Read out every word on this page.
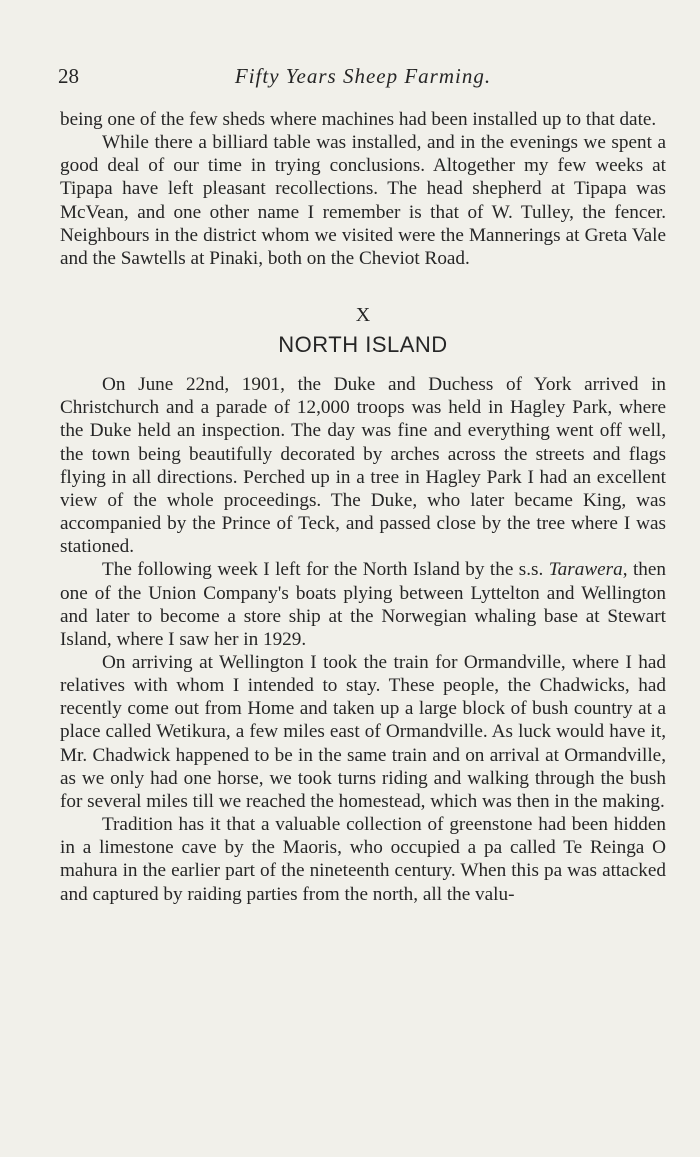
28	Fifty Years Sheep Farming.

being one of the few sheds where machines had been installed up to that date.

While there a billiard table was installed, and in the evenings we spent a good deal of our time in trying conclusions. Altogether my few weeks at Tipapa have left pleasant recollections. The head shepherd at Tipapa was McVean, and one other name I remember is that of W. Tulley, the fencer. Neighbours in the district whom we visited were the Mannerings at Greta Vale and the Sawtells at Pinaki, both on the Cheviot Road.

X
NORTH ISLAND

On June 22nd, 1901, the Duke and Duchess of York arrived in Christchurch and a parade of 12,000 troops was held in Hagley Park, where the Duke held an inspection. The day was fine and everything went off well, the town being beautifully decorated by arches across the streets and flags flying in all directions. Perched up in a tree in Hagley Park I had an excellent view of the whole proceedings. The Duke, who later became King, was accompanied by the Prince of Teck, and passed close by the tree where I was stationed.

The following week I left for the North Island by the s.s. Tarawera, then one of the Union Company's boats plying between Lyttelton and Wellington and later to become a store ship at the Norwegian whaling base at Stewart Island, where I saw her in 1929.

On arriving at Wellington I took the train for Ormandville, where I had relatives with whom I intended to stay. These people, the Chadwicks, had recently come out from Home and taken up a large block of bush country at a place called Wetikura, a few miles east of Ormandville. As luck would have it, Mr. Chadwick happened to be in the same train and on arrival at Ormandville, as we only had one horse, we took turns riding and walking through the bush for several miles till we reached the homestead, which was then in the making.

Tradition has it that a valuable collection of greenstone had been hidden in a limestone cave by the Maoris, who occupied a pa called Te Reinga O mahura in the earlier part of the nineteenth century. When this pa was attacked and captured by raiding parties from the north, all the valu-
